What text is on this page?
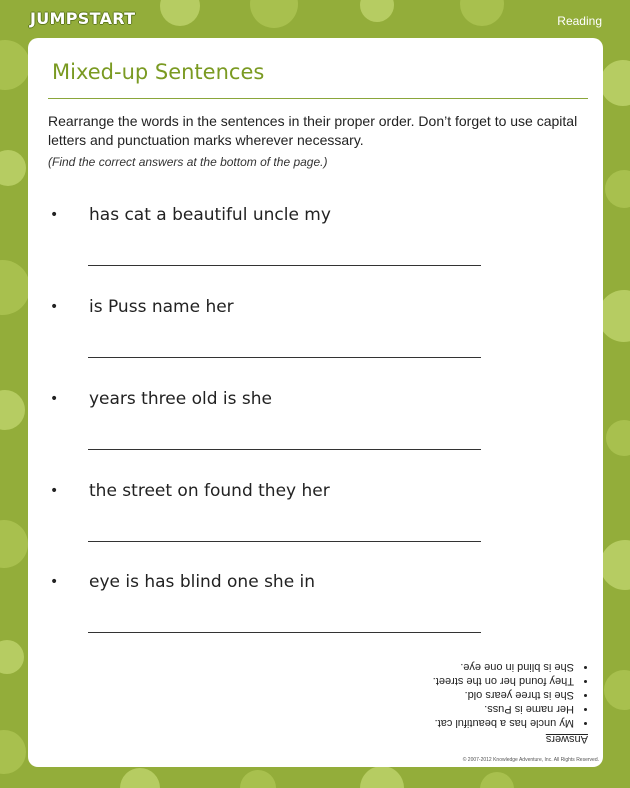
JUMPSTART	Reading
Mixed-up Sentences
Rearrange the words in the sentences in their proper order. Don’t forget to use capital letters and punctuation marks wherever necessary.
(Find the correct answers at the bottom of the page.)
• has cat a beautiful uncle my
• is Puss name her
• years three old is she
• the street on found they her
• eye is has blind one she in
Answers
• My uncle has a beautiful cat.
• Her name is Puss.
• She is three years old.
• They found her on the street.
• She is blind in one eye.
© 2007-2012 Knowledge Adventure, Inc. All Rights Reserved.
